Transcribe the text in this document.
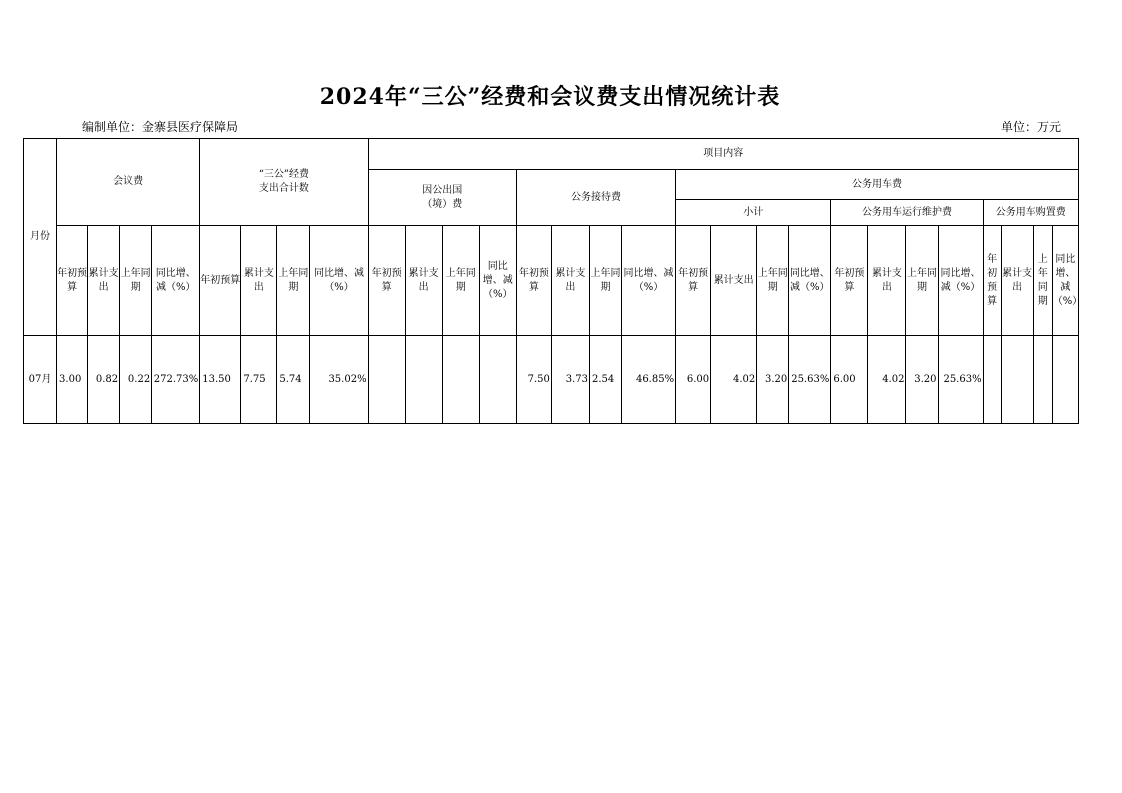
2024年“三公”经费和会议费支出情况统计表
编制单位：金寨县医疗保障局	单位：万元
月份	会议费				“三公”经费
支出合计数				项目内容																			
									因公出国
（境）费				公务接待费				公务用车费											
																	小计				公务用车运行维护费				公务用车购置费			
	年初预算	累计支出	上年同期	同比增、减（%）	年初预算	累计支出	上年同期	同比增、减（%）	年初预算	累计支出	上年同期	同比增、减（%）	年初预算	累计支出	上年同期	同比增、减（%）	年初预算	累计支出	上年同期	同比增、减（%）	年初预算	累计支出	上年同期	同比增、减（%）	年初预算	累计支出	上年同期	同比增、减（%）
07月	3.00	0.82	0.22	272.73%	13.50	7.75	5.74	35.02%					7.50	3.73	2.54	46.85%	6.00	4.02	3.20	25.63%	6.00	4.02	3.20	25.63%				
